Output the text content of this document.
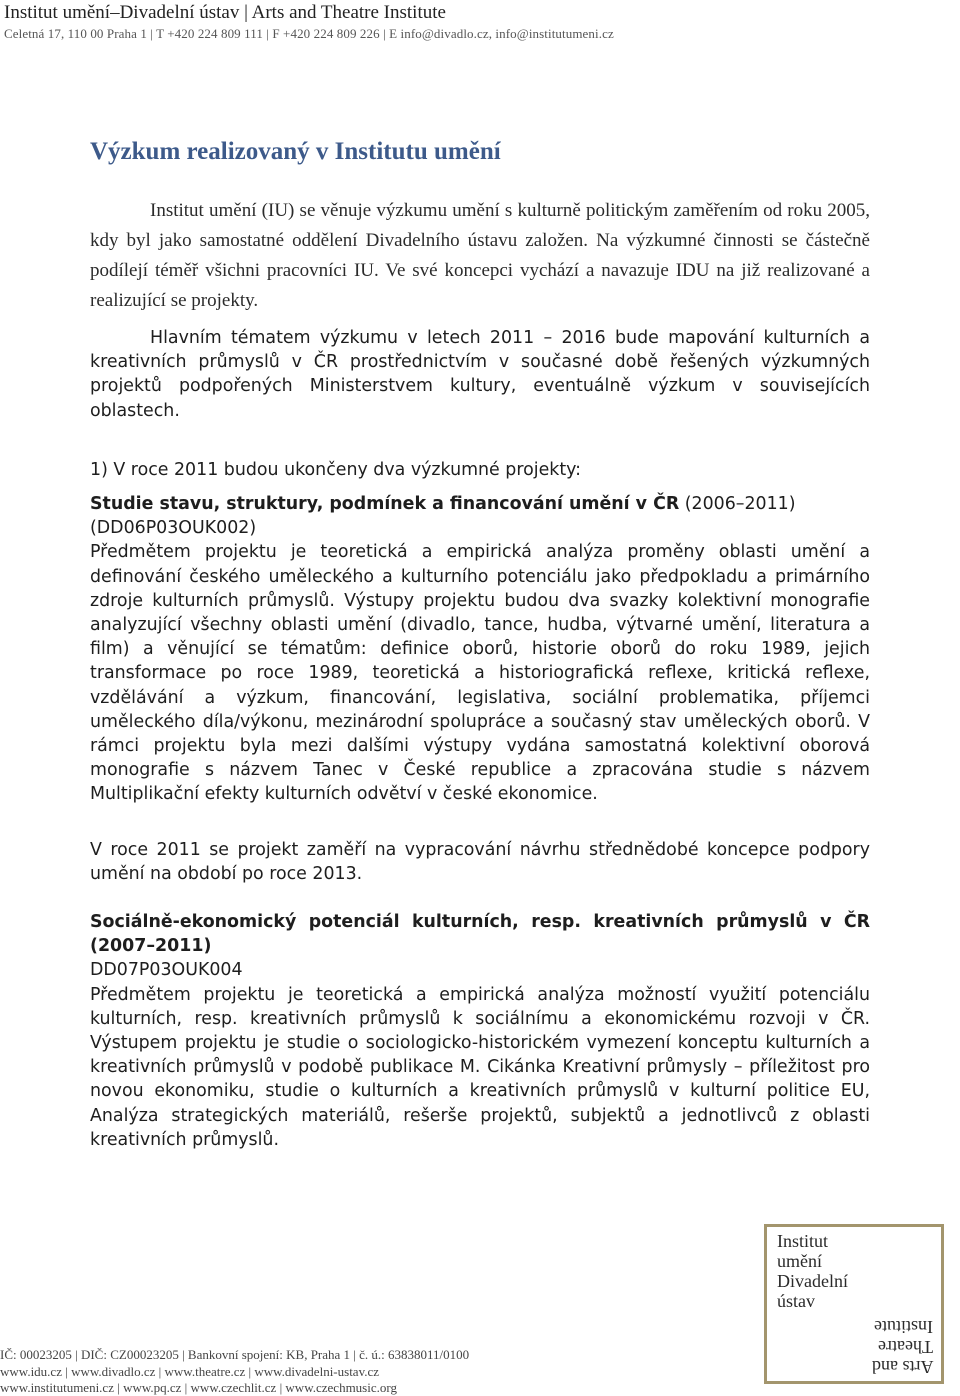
Institut umění–Divadelní ústav | Arts and Theatre Institute
Celetná 17, 110 00 Praha 1 | T +420 224 809 111 | F +420 224 809 226 | E info@divadlo.cz, info@institutumeni.cz
Výzkum realizovaný v Institutu umění

Institut umění (IU) se věnuje výzkumu umění s kulturně politickým zaměřením od roku 2005, kdy byl jako samostatné oddělení Divadelního ústavu založen. Na výzkumné činnosti se částečně podílejí téměř všichni pracovníci IU. Ve své koncepci vychází a navazuje IDU na již realizované a realizující se projekty.

Hlavním tématem výzkumu v letech 2011 – 2016 bude mapování kulturních a kreativních průmyslů v ČR prostřednictvím v současné době řešených výzkumných projektů podpořených Ministerstvem kultury, eventuálně výzkum v souvisejících oblastech.

1) V roce 2011 budou ukončeny dva výzkumné projekty:

Studie stavu, struktury, podmínek a financování umění v ČR (2006–2011)

(DD06P03OUK002)

Předmětem projektu je teoretická a empirická analýza proměny oblasti umění a definování českého uměleckého a kulturního potenciálu jako předpokladu a primárního zdroje kulturních průmyslů. Výstupy projektu budou dva svazky kolektivní monografie analyzující všechny oblasti umění (divadlo, tance, hudba, výtvarné umění, literatura a film) a věnující se tématům: definice oborů, historie oborů do roku 1989, jejich transformace po roce 1989, teoretická a historiografická reflexe, kritická reflexe, vzdělávání a výzkum, financování, legislativa, sociální problematika, příjemci uměleckého díla/výkonu, mezinárodní spolupráce a současný stav uměleckých oborů. V rámci projektu byla mezi dalšími výstupy vydána samostatná kolektivní oborová monografie s názvem Tanec v České republice a zpracována studie s názvem Multiplikační efekty kulturních odvětví v české ekonomice.

V roce 2011 se projekt zaměří na vypracování návrhu střednědobé koncepce podpory umění na období po roce 2013.

Sociálně-ekonomický potenciál kulturních, resp. kreativních průmyslů v ČR (2007–2011)

DD07P03OUK004

Předmětem projektu je teoretická a empirická analýza možností využití potenciálu kulturních, resp. kreativních průmyslů k sociálnímu a ekonomickému rozvoji v ČR. Výstupem projektu je studie o sociologicko-historickém vymezení konceptu kulturních a kreativních průmyslů v podobě publikace M. Cikánka Kreativní průmysly – příležitost pro novou ekonomiku, studie o kulturních a kreativních průmyslů v kulturní politice EU, Analýza strategických materiálů, rešerše projektů, subjektů a jednotlivců z oblasti kreativních průmyslů.

Institut
umění
Divadelní
ústav
Arts and
Theatre
Institute
IČ: 00023205 | DIČ: CZ00023205 | Bankovní spojení: KB, Praha 1 | č. ú.: 63838011/0100
www.idu.cz | www.divadlo.cz | www.theatre.cz | www.divadelni-ustav.cz
www.institutumeni.cz | www.pq.cz | www.czechlit.cz | www.czechmusic.org
